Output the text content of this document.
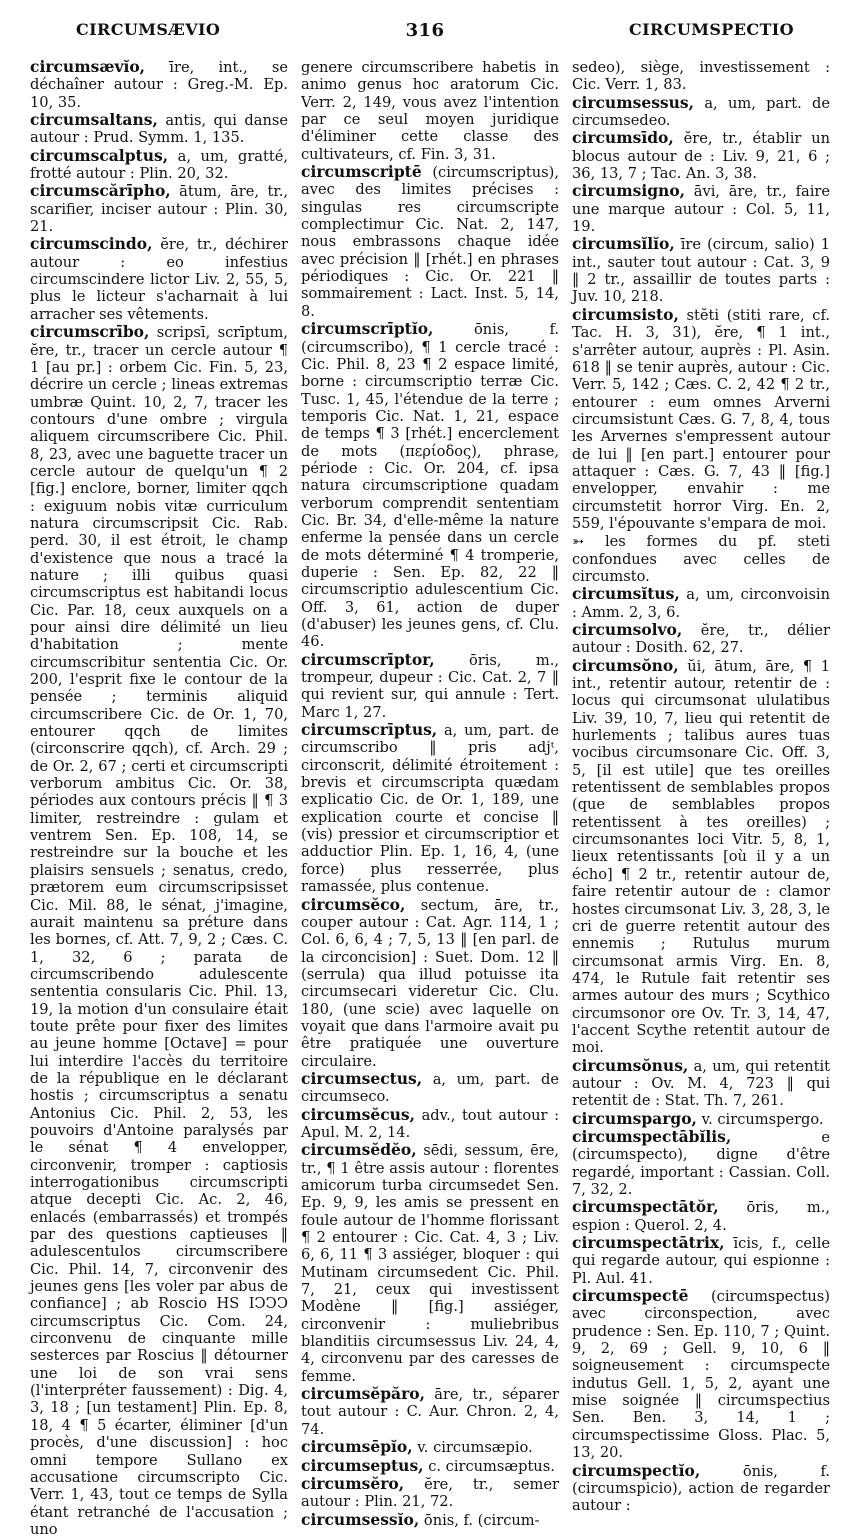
CIRCUMSÆVIO	316	CIRCUMSPECTIO

circumsævĭo, īre, int., se déchaîner autour : Greg.-M. Ep. 10, 35.

circumsaltans, antis, qui danse autour : Prud. Symm. 1, 135.

circumscalptus, a, um, gratté, frotté autour : Plin. 20, 32.

circumscărīpho, ātum, āre, tr., scarifier, inciser autour : Plin. 30, 21.

circumscindo, ĕre, tr., déchirer autour : eo infestius circumscindere lictor Liv. 2, 55, 5, plus le licteur s'acharnait à lui arracher ses vêtements.

circumscrībo, scripsī, scrīptum, ĕre, tr., tracer un cercle autour ¶ 1 [au pr.] : orbem Cic. Fin. 5, 23, décrire un cercle ; lineas extremas umbræ Quint. 10, 2, 7, tracer les contours d'une ombre ; virgula aliquem circumscribere Cic. Phil. 8, 23, avec une baguette tracer un cercle autour de quelqu'un ¶ 2 [fig.] enclore, borner, limiter qqch : exiguum nobis vitæ curriculum natura circumscripsit Cic. Rab. perd. 30, il est étroit, le champ d'existence que nous a tracé la nature ; illi quibus quasi circumscriptus est habitandi locus Cic. Par. 18, ceux auxquels on a pour ainsi dire délimité un lieu d'habitation ; mente circumscribitur sententia Cic. Or. 200, l'esprit fixe le contour de la pensée ; terminis aliquid circumscribere Cic. de Or. 1, 70, entourer qqch de limites (circonscrire qqch), cf. Arch. 29 ; de Or. 2, 67 ; certi et circumscripti verborum ambitus Cic. Or. 38, périodes aux contours précis ‖ ¶ 3 limiter, restreindre : gulam et ventrem Sen. Ep. 108, 14, se restreindre sur la bouche et les plaisirs sensuels ; senatus, credo, prætorem eum circumscripsisset Cic. Mil. 88, le sénat, j'imagine, aurait maintenu sa préture dans les bornes, cf. Att. 7, 9, 2 ; Cæs. C. 1, 32, 6 ; parata de circumscribendo adulescente sententia consularis Cic. Phil. 13, 19, la motion d'un consulaire était toute prête pour fixer des limites au jeune homme [Octave] = pour lui interdire l'accès du territoire de la république en le déclarant hostis ; circumscriptus a senatu Antonius Cic. Phil. 2, 53, les pouvoirs d'Antoine paralysés par le sénat ¶ 4 envelopper, circonvenir, tromper : captiosis interrogationibus circumscripti atque decepti Cic. Ac. 2, 46, enlacés (embarrassés) et trompés par des questions captieuses ‖ adulescentulos circumscribere Cic. Phil. 14, 7, circonvenir des jeunes gens [les voler par abus de confiance] ; ab Roscio HS IↃↃↃ circumscriptus Cic. Com. 24, circonvenu de cinquante mille sesterces par Roscius ‖ détourner une loi de son vrai sens (l'interpréter faussement) : Dig. 4, 3, 18 ; [un testament] Plin. Ep. 8, 18, 4 ¶ 5 écarter, éliminer [d'un procès, d'une discussion] : hoc omni tempore Sullano ex accusatione circumscripto Cic. Verr. 1, 43, tout ce temps de Sylla étant retranché de l'accusation ; uno

genere circumscribere habetis in animo genus hoc aratorum Cic. Verr. 2, 149, vous avez l'intention par ce seul moyen juridique d'éliminer cette classe des cultivateurs, cf. Fin. 3, 31.

circumscriptē (circumscriptus), avec des limites précises : singulas res circumscripte complectimur Cic. Nat. 2, 147, nous embrassons chaque idée avec précision ‖ [rhét.] en phrases périodiques : Cic. Or. 221 ‖ sommairement : Lact. Inst. 5, 14, 8.

circumscrīptĭo, ōnis, f. (circumscribo), ¶ 1 cercle tracé : Cic. Phil. 8, 23 ¶ 2 espace limité, borne : circumscriptio terræ Cic. Tusc. 1, 45, l'étendue de la terre ; temporis Cic. Nat. 1, 21, espace de temps ¶ 3 [rhét.] encerclement de mots (περίοδος), phrase, période : Cic. Or. 204, cf. ipsa natura circumscriptione quadam verborum comprendit sententiam Cic. Br. 34, d'elle-même la nature enferme la pensée dans un cercle de mots déterminé ¶ 4 tromperie, duperie : Sen. Ep. 82, 22 ‖ circumscriptio adulescentium Cic. Off. 3, 61, action de duper (d'abuser) les jeunes gens, cf. Clu. 46.

circumscrīptor, ōris, m., trompeur, dupeur : Cic. Cat. 2, 7 ‖ qui revient sur, qui annule : Tert. Marc 1, 27.

circumscrīptus, a, um, part. de circumscribo ‖ pris adjᵗ, circonscrit, délimité étroitement : brevis et circumscripta quædam explicatio Cic. de Or. 1, 189, une explication courte et concise ‖ (vis) pressior et circumscriptior et adductior Plin. Ep. 1, 16, 4, (une force) plus resserrée, plus ramassée, plus contenue.

circumsĕco, sectum, āre, tr., couper autour : Cat. Agr. 114, 1 ; Col. 6, 6, 4 ; 7, 5, 13 ‖ [en parl. de la circoncision] : Suet. Dom. 12 ‖ (serrula) qua illud potuisse ita circumsecari videretur Cic. Clu. 180, (une scie) avec laquelle on voyait que dans l'armoire avait pu être pratiquée une ouverture circulaire.

circumsectus, a, um, part. de circumseco.

circumsĕcus, adv., tout autour : Apul. M. 2, 14.

circumsĕdĕo, sēdi, sessum, ēre, tr., ¶ 1 être assis autour : florentes amicorum turba circumsedet Sen. Ep. 9, 9, les amis se pressent en foule autour de l'homme florissant ¶ 2 entourer : Cic. Cat. 4, 3 ; Liv. 6, 6, 11 ¶ 3 assiéger, bloquer : qui Mutinam circumsedent Cic. Phil. 7, 21, ceux qui investissent Modène ‖ [fig.] assiéger, circonvenir : muliebribus blanditiis circumsessus Liv. 24, 4, 4, circonvenu par des caresses de femme.

circumsĕpăro, āre, tr., séparer tout autour : C. Aur. Chron. 2, 4, 74.

circumsēpĭo, v. circumsæpio.

circumseptus, c. circumsæptus.

circumsĕro, ĕre, tr., semer autour : Plin. 21, 72.

circumsessĭo, ōnis, f. (circum-

sedeo), siège, investissement : Cic. Verr. 1, 83.

circumsessus, a, um, part. de circumsedeo.

circumsīdo, ĕre, tr., établir un blocus autour de : Liv. 9, 21, 6 ; 36, 13, 7 ; Tac. An. 3, 38.

circumsigno, āvi, āre, tr., faire une marque autour : Col. 5, 11, 19.

circumsĭlĭo, īre (circum, salio) 1 int., sauter tout autour : Cat. 3, 9 ‖ 2 tr., assaillir de toutes parts : Juv. 10, 218.

circumsisto, stĕti (stiti rare, cf. Tac. H. 3, 31), ĕre, ¶ 1 int., s'arrêter autour, auprès : Pl. Asin. 618 ‖ se tenir auprès, autour : Cic. Verr. 5, 142 ; Cæs. C. 2, 42 ¶ 2 tr., entourer : eum omnes Arverni circumsistunt Cæs. G. 7, 8, 4, tous les Arvernes s'empressent autour de lui ‖ [en part.] entourer pour attaquer : Cæs. G. 7, 43 ‖ [fig.] envelopper, envahir : me circumstetit horror Virg. En. 2, 559, l'épouvante s'empara de moi.

➳ les formes du pf. steti confondues avec celles de circumsto.

circumsĭtus, a, um, circonvoisin : Amm. 2, 3, 6.

circumsolvo, ĕre, tr., délier autour : Dosith. 62, 27.

circumsŏno, ŭi, ātum, āre, ¶ 1 int., retentir autour, retentir de : locus qui circumsonat ululatibus Liv. 39, 10, 7, lieu qui retentit de hurlements ; talibus aures tuas vocibus circumsonare Cic. Off. 3, 5, [il est utile] que tes oreilles retentissent de semblables propos (que de semblables propos retentissent à tes oreilles) ; circumsonantes loci Vitr. 5, 8, 1, lieux retentissants [où il y a un écho] ¶ 2 tr., retentir autour de, faire retentir autour de : clamor hostes circumsonat Liv. 3, 28, 3, le cri de guerre retentit autour des ennemis ; Rutulus murum circumsonat armis Virg. En. 8, 474, le Rutule fait retentir ses armes autour des murs ; Scythico circumsonor ore Ov. Tr. 3, 14, 47, l'accent Scythe retentit autour de moi.

circumsŏnus, a, um, qui retentit autour : Ov. M. 4, 723 ‖ qui retentit de : Stat. Th. 7, 261.

circumspargo, v. circumspergo.

circumspectābĭlis, e (circumspecto), digne d'être regardé, important : Cassian. Coll. 7, 32, 2.

circumspectātŏr, ōris, m., espion : Querol. 2, 4.

circumspectātrix, īcis, f., celle qui regarde autour, qui espionne : Pl. Aul. 41.

circumspectē (circumspectus) avec circonspection, avec prudence : Sen. Ep. 110, 7 ; Quint. 9, 2, 69 ; Gell. 9, 10, 6 ‖ soigneusement : circumspecte indutus Gell. 1, 5, 2, ayant une mise soignée ‖ circumspectius Sen. Ben. 3, 14, 1 ; circumspectissime Gloss. Plac. 5, 13, 20.

circumspectĭo, ōnis, f. (circumspicio), action de regarder autour :
